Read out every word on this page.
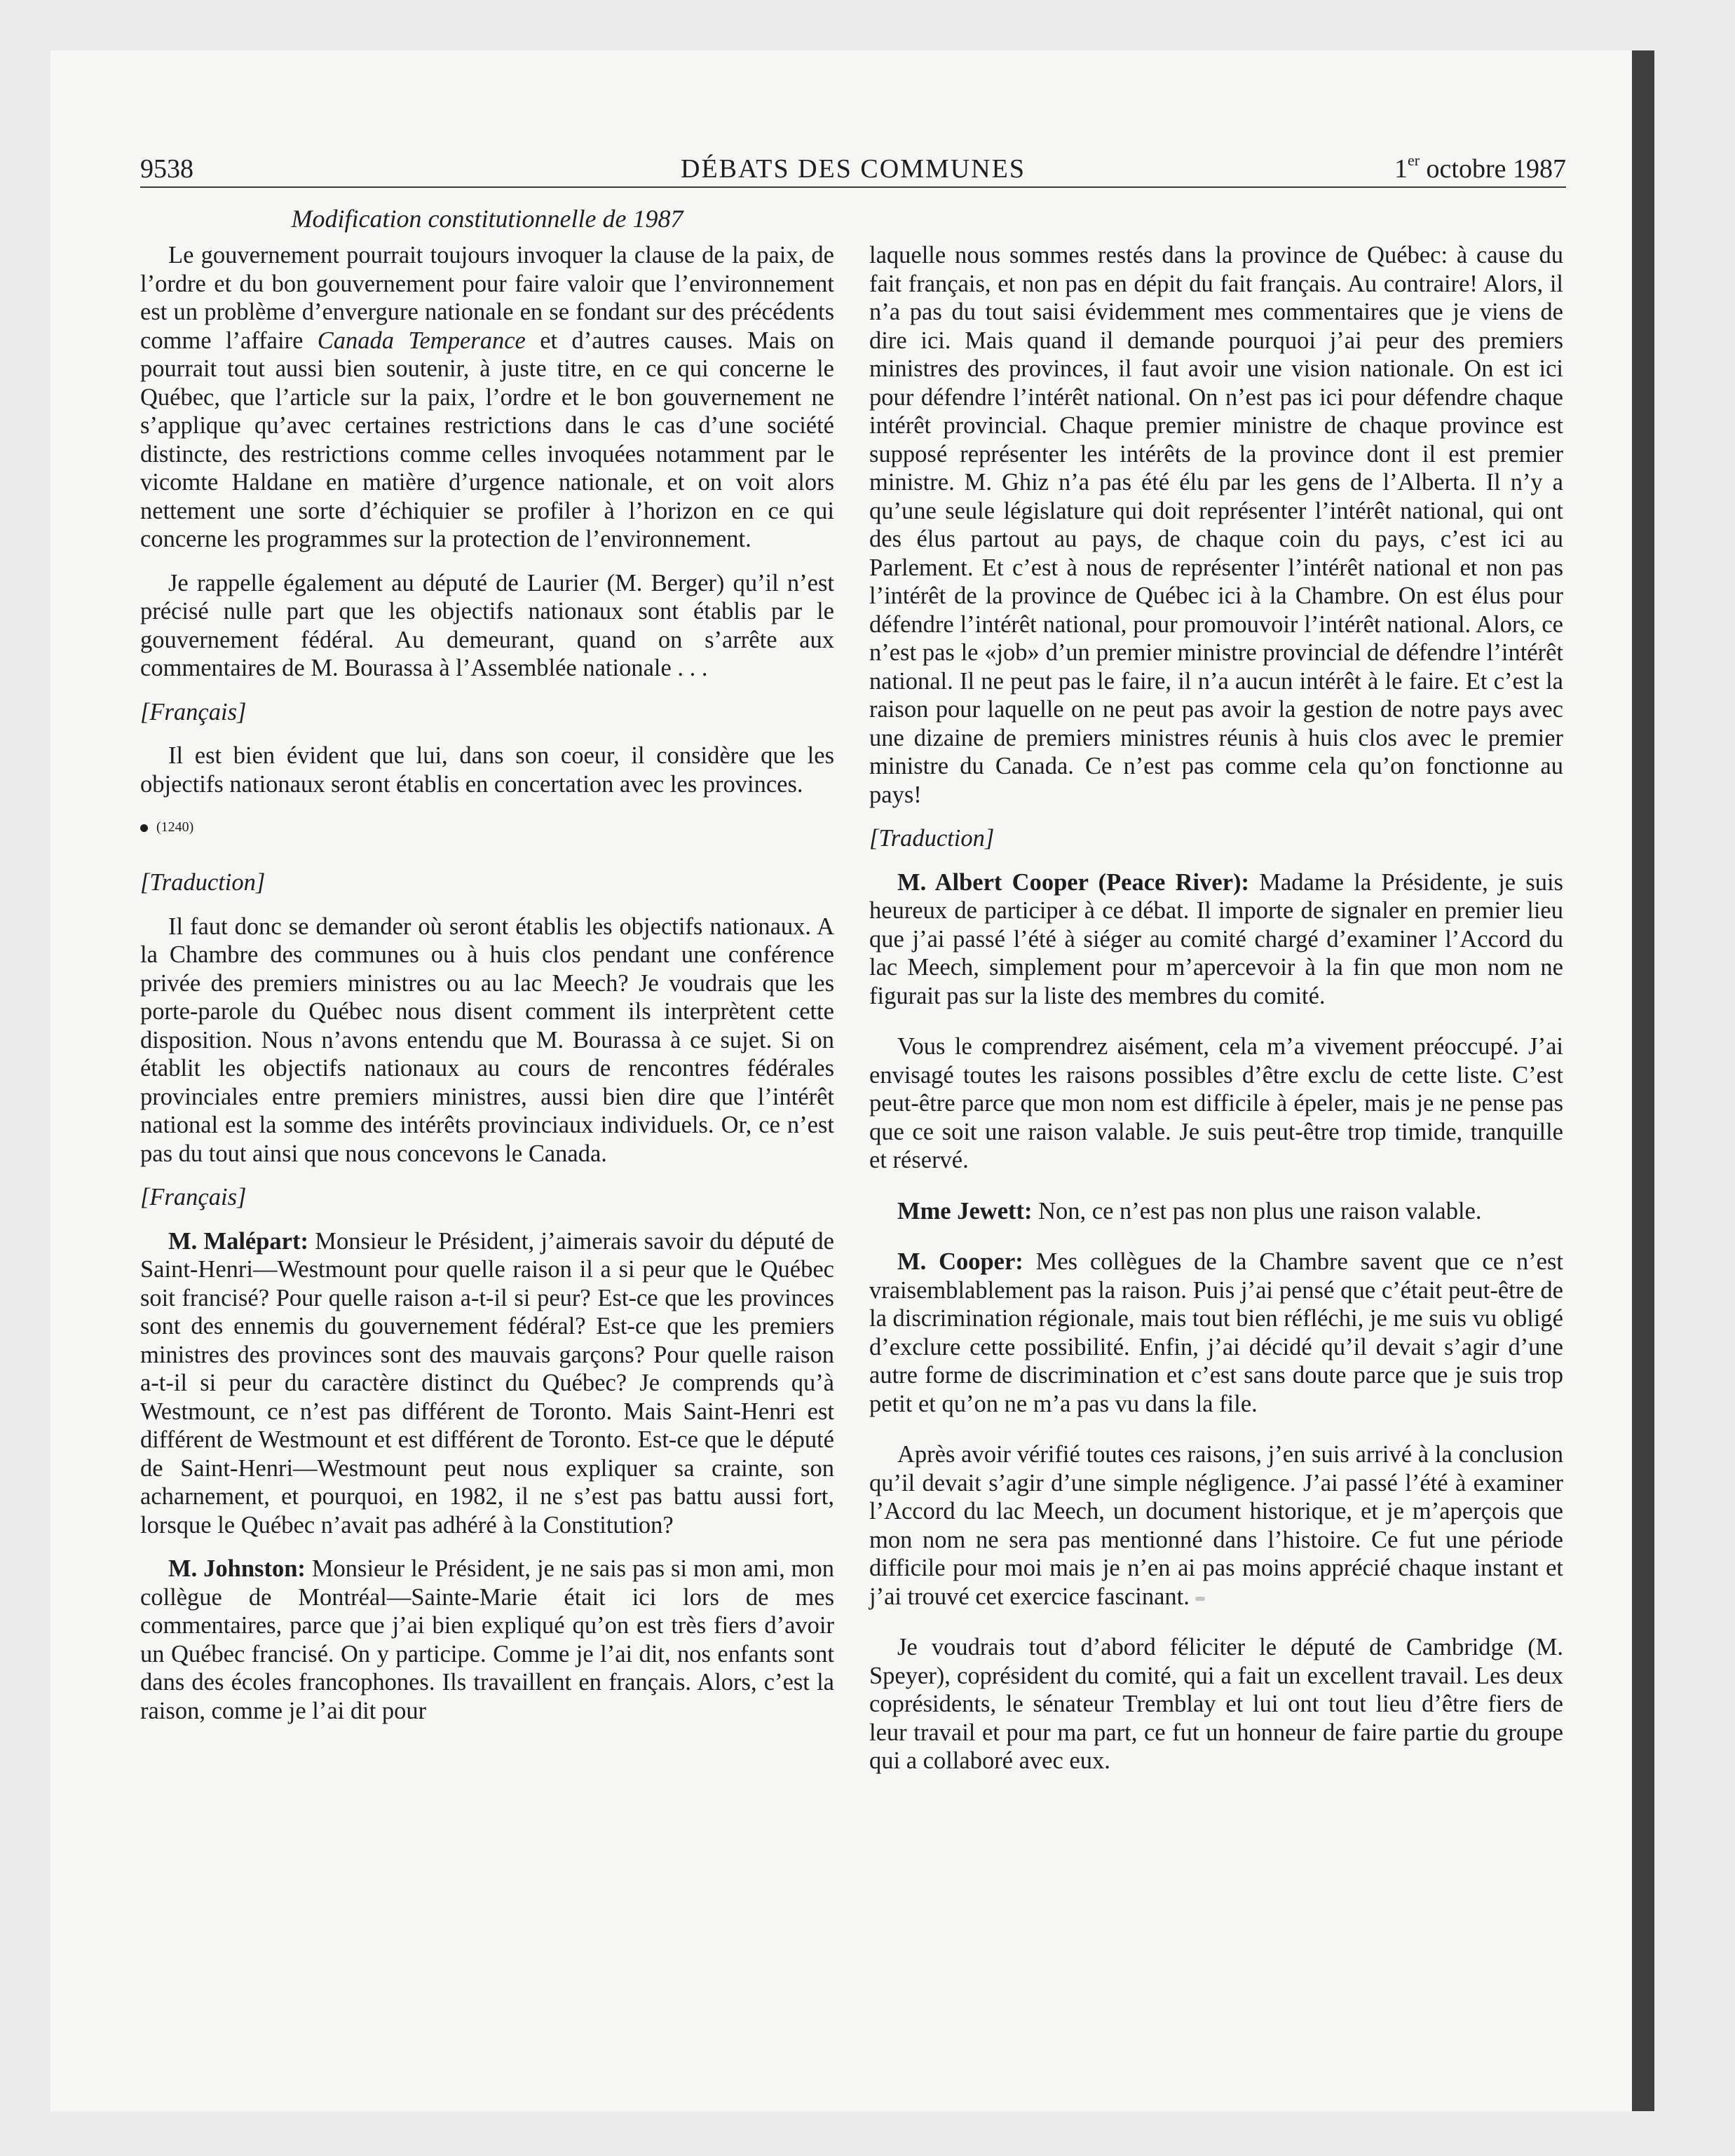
9538	DÉBATS DES COMMUNES	1er octobre 1987
Modification constitutionnelle de 1987

Le gouvernement pourrait toujours invoquer la clause de la paix, de l’ordre et du bon gouvernement pour faire valoir que l’environnement est un problème d’envergure nationale en se fondant sur des précédents comme l’affaire Canada Temperance et d’autres causes. Mais on pourrait tout aussi bien soutenir, à juste titre, en ce qui concerne le Québec, que l’article sur la paix, l’ordre et le bon gouvernement ne s’applique qu’avec certaines restrictions dans le cas d’une société distincte, des restrictions comme celles invoquées notamment par le vicomte Haldane en matière d’urgence nationale, et on voit alors nettement une sorte d’échiquier se profiler à l’horizon en ce qui concerne les programmes sur la protection de l’environnement.

Je rappelle également au député de Laurier (M. Berger) qu’il n’est précisé nulle part que les objectifs nationaux sont établis par le gouvernement fédéral. Au demeurant, quand on s’arrête aux commentaires de M. Bourassa à l’Assemblée nationale . . .

[Français]

Il est bien évident que lui, dans son coeur, il considère que les objectifs nationaux seront établis en concertation avec les provinces.

(1240)

[Traduction]

Il faut donc se demander où seront établis les objectifs nationaux. A la Chambre des communes ou à huis clos pendant une conférence privée des premiers ministres ou au lac Meech? Je voudrais que les porte-parole du Québec nous disent comment ils interprètent cette disposition. Nous n’avons entendu que M. Bourassa à ce sujet. Si on établit les objectifs nationaux au cours de rencontres fédérales provinciales entre premiers ministres, aussi bien dire que l’intérêt national est la somme des intérêts provinciaux individuels. Or, ce n’est pas du tout ainsi que nous concevons le Canada.

[Français]

M. Malépart: Monsieur le Président, j’aimerais savoir du député de Saint-Henri—Westmount pour quelle raison il a si peur que le Québec soit francisé? Pour quelle raison a-t-il si peur? Est-ce que les provinces sont des ennemis du gouvernement fédéral? Est-ce que les premiers ministres des provinces sont des mauvais garçons? Pour quelle raison a-t-il si peur du caractère distinct du Québec? Je comprends qu’à Westmount, ce n’est pas différent de Toronto. Mais Saint-Henri est différent de Westmount et est différent de Toronto. Est-ce que le député de Saint-Henri—Westmount peut nous expliquer sa crainte, son acharnement, et pourquoi, en 1982, il ne s’est pas battu aussi fort, lorsque le Québec n’avait pas adhéré à la Constitution?

M. Johnston: Monsieur le Président, je ne sais pas si mon ami, mon collègue de Montréal—Sainte-Marie était ici lors de mes commentaires, parce que j’ai bien expliqué qu’on est très fiers d’avoir un Québec francisé. On y participe. Comme je l’ai dit, nos enfants sont dans des écoles francophones. Ils travaillent en français. Alors, c’est la raison, comme je l’ai dit pour

laquelle nous sommes restés dans la province de Québec: à cause du fait français, et non pas en dépit du fait français. Au contraire! Alors, il n’a pas du tout saisi évidemment mes commentaires que je viens de dire ici. Mais quand il demande pourquoi j’ai peur des premiers ministres des provinces, il faut avoir une vision nationale. On est ici pour défendre l’intérêt national. On n’est pas ici pour défendre chaque intérêt provincial. Chaque premier ministre de chaque province est supposé représenter les intérêts de la province dont il est premier ministre. M. Ghiz n’a pas été élu par les gens de l’Alberta. Il n’y a qu’une seule législature qui doit représenter l’intérêt national, qui ont des élus partout au pays, de chaque coin du pays, c’est ici au Parlement. Et c’est à nous de représenter l’intérêt national et non pas l’intérêt de la province de Québec ici à la Chambre. On est élus pour défendre l’intérêt national, pour promouvoir l’intérêt national. Alors, ce n’est pas le «job» d’un premier ministre provincial de défendre l’intérêt national. Il ne peut pas le faire, il n’a aucun intérêt à le faire. Et c’est la raison pour laquelle on ne peut pas avoir la gestion de notre pays avec une dizaine de premiers ministres réunis à huis clos avec le premier ministre du Canada. Ce n’est pas comme cela qu’on fonctionne au pays!

[Traduction]

M. Albert Cooper (Peace River): Madame la Présidente, je suis heureux de participer à ce débat. Il importe de signaler en premier lieu que j’ai passé l’été à siéger au comité chargé d’examiner l’Accord du lac Meech, simplement pour m’apercevoir à la fin que mon nom ne figurait pas sur la liste des membres du comité.

Vous le comprendrez aisément, cela m’a vivement préoccupé. J’ai envisagé toutes les raisons possibles d’être exclu de cette liste. C’est peut-être parce que mon nom est difficile à épeler, mais je ne pense pas que ce soit une raison valable. Je suis peut-être trop timide, tranquille et réservé.

Mme Jewett: Non, ce n’est pas non plus une raison valable.

M. Cooper: Mes collègues de la Chambre savent que ce n’est vraisemblablement pas la raison. Puis j’ai pensé que c’était peut-être de la discrimination régionale, mais tout bien réfléchi, je me suis vu obligé d’exclure cette possibilité. Enfin, j’ai décidé qu’il devait s’agir d’une autre forme de discrimination et c’est sans doute parce que je suis trop petit et qu’on ne m’a pas vu dans la file.

Après avoir vérifié toutes ces raisons, j’en suis arrivé à la conclusion qu’il devait s’agir d’une simple négligence. J’ai passé l’été à examiner l’Accord du lac Meech, un document historique, et je m’aperçois que mon nom ne sera pas mentionné dans l’histoire. Ce fut une période difficile pour moi mais je n’en ai pas moins apprécié chaque instant et j’ai trouvé cet exercice fascinant.

Je voudrais tout d’abord féliciter le député de Cambridge (M. Speyer), coprésident du comité, qui a fait un excellent travail. Les deux coprésidents, le sénateur Tremblay et lui ont tout lieu d’être fiers de leur travail et pour ma part, ce fut un honneur de faire partie du groupe qui a collaboré avec eux.
